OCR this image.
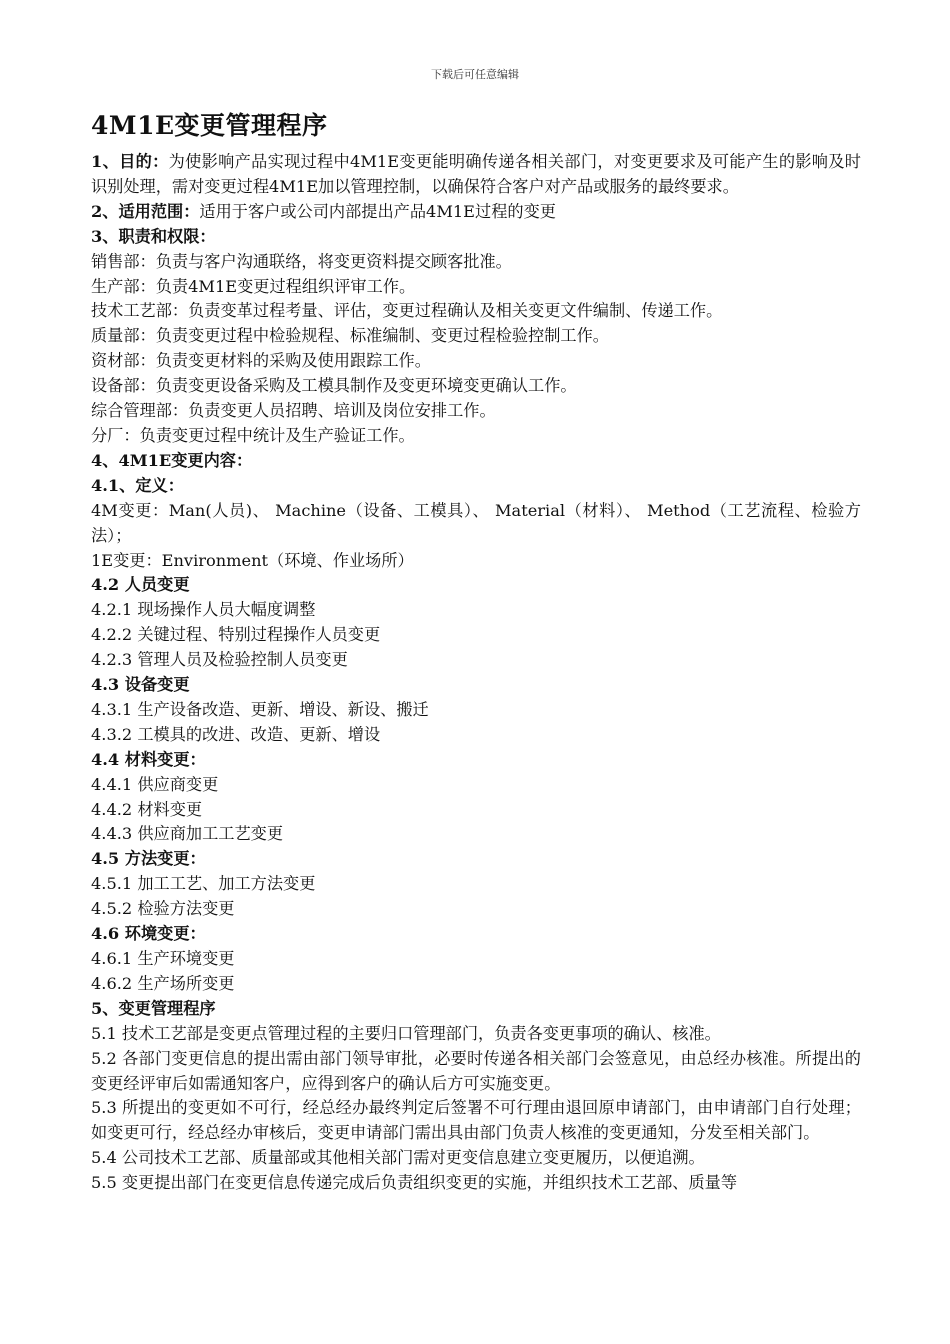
下载后可任意编辑
4M1E变更管理程序

1、目的：为使影响产品实现过程中4M1E变更能明确传递各相关部门，对变更要求及可能产生的影响及时识别处理，需对变更过程4M1E加以管理控制，以确保符合客户对产品或服务的最终要求。

2、适用范围：适用于客户或公司内部提出产品4M1E过程的变更

3、职责和权限：

销售部：负责与客户沟通联络，将变更资料提交顾客批准。

生产部：负责4M1E变更过程组织评审工作。

技术工艺部：负责变革过程考量、评估，变更过程确认及相关变更文件编制、传递工作。

质量部：负责变更过程中检验规程、标准编制、变更过程检验控制工作。

资材部：负责变更材料的采购及使用跟踪工作。

设备部：负责变更设备采购及工模具制作及变更环境变更确认工作。

综合管理部：负责变更人员招聘、培训及岗位安排工作。

分厂：负责变更过程中统计及生产验证工作。

4、4M1E变更内容：

4.1、定义：

4M变更：Man(人员)、 Machine（设备、工模具）、 Material（材料）、 Method（工艺流程、检验方法）；

1E变更：Environment（环境、作业场所）

4.2 人员变更

4.2.1 现场操作人员大幅度调整

4.2.2 关键过程、特别过程操作人员变更

4.2.3 管理人员及检验控制人员变更

4.3 设备变更

4.3.1 生产设备改造、更新、增设、新设、搬迁

4.3.2 工模具的改进、改造、更新、增设

4.4 材料变更：

4.4.1 供应商变更

4.4.2 材料变更

4.4.3 供应商加工工艺变更

4.5 方法变更：

4.5.1 加工工艺、加工方法变更

4.5.2 检验方法变更

4.6 环境变更：

4.6.1 生产环境变更

4.6.2 生产场所变更

5、变更管理程序

5.1 技术工艺部是变更点管理过程的主要归口管理部门，负责各变更事项的确认、核准。

5.2 各部门变更信息的提出需由部门领导审批，必要时传递各相关部门会签意见，由总经办核准。所提出的变更经评审后如需通知客户，应得到客户的确认后方可实施变更。

5.3 所提出的变更如不可行，经总经办最终判定后签署不可行理由退回原申请部门，由申请部门自行处理；如变更可行，经总经办审核后，变更申请部门需出具由部门负责人核准的变更通知，分发至相关部门。

5.4 公司技术工艺部、质量部或其他相关部门需对更变信息建立变更履历，以便追溯。

5.5 变更提出部门在变更信息传递完成后负责组织变更的实施，并组织技术工艺部、质量等
